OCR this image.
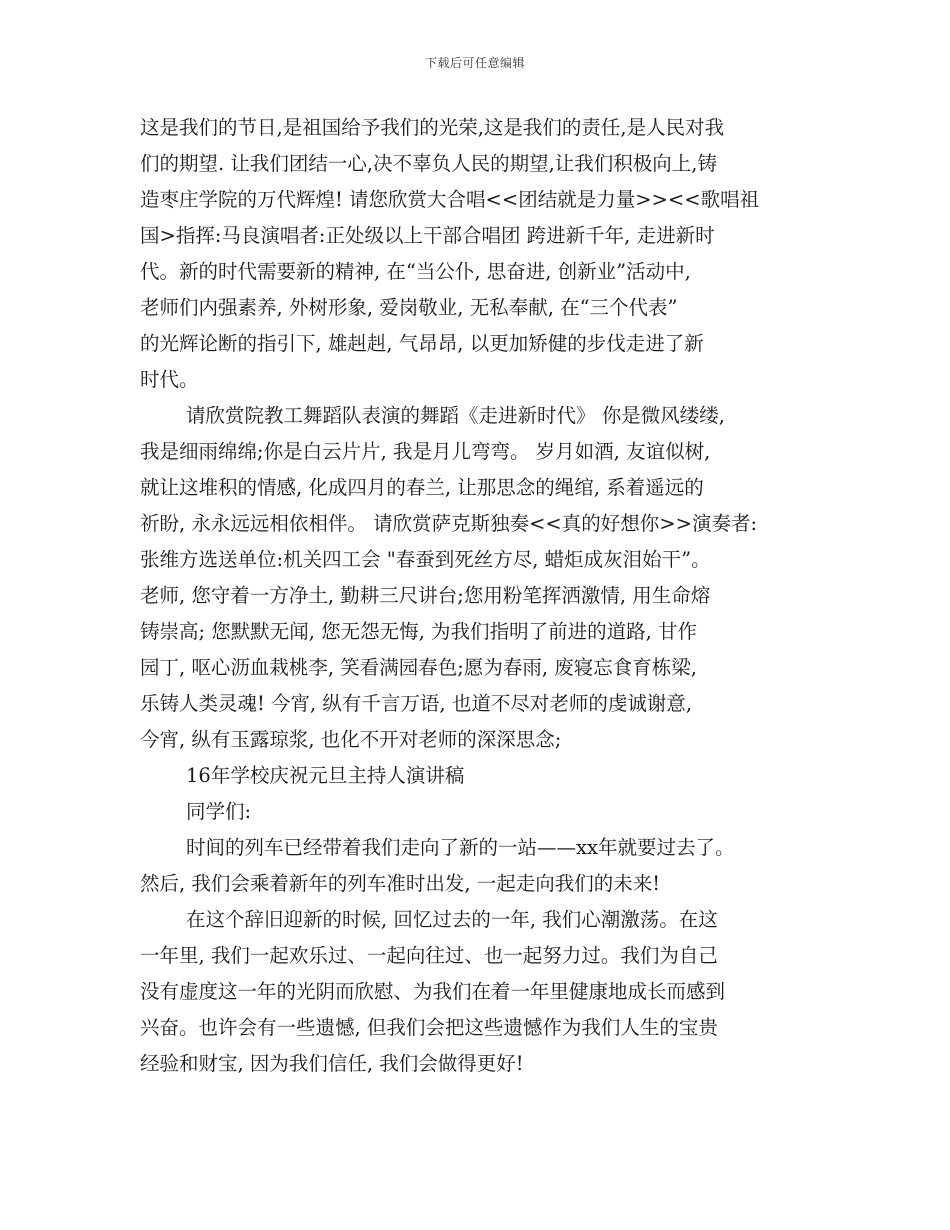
下载后可任意编辑
这是我们的节日,是祖国给予我们的光荣,这是我们的责任,是人民对我
们的期望. 让我们团结一心,决不辜负人民的期望,让我们积极向上,铸
造枣庄学院的万代辉煌! 请您欣赏大合唱<<团结就是力量>><<歌唱祖
国>指挥:马良演唱者:正处级以上干部合唱团 跨进新千年, 走进新时
代。新的时代需要新的精神, 在“当公仆, 思奋进, 创新业”活动中,
老师们内强素养, 外树形象, 爱岗敬业, 无私奉献, 在“三个代表”
的光辉论断的指引下, 雄赳赳, 气昂昂, 以更加矫健的步伐走进了新
时代。
请欣赏院教工舞蹈队表演的舞蹈《走进新时代》 你是微风缕缕,
我是细雨绵绵;你是白云片片, 我是月儿弯弯。 岁月如酒, 友谊似树,
就让这堆积的情感, 化成四月的春兰, 让那思念的绳绾, 系着遥远的
祈盼, 永永远远相依相伴。 请欣赏萨克斯独奏<<真的好想你>>演奏者:
张维方选送单位:机关四工会 "春蚕到死丝方尽, 蜡炬成灰泪始干”。
老师, 您守着一方净土, 勤耕三尺讲台;您用粉笔挥洒激情, 用生命熔
铸崇高; 您默默无闻, 您无怨无悔, 为我们指明了前进的道路, 甘作
园丁, 呕心沥血栽桃李, 笑看满园春色;愿为春雨, 废寝忘食育栋梁,
乐铸人类灵魂! 今宵, 纵有千言万语, 也道不尽对老师的虔诚谢意,
今宵, 纵有玉露琼浆, 也化不开对老师的深深思念;
16年学校庆祝元旦主持人演讲稿
同学们:
时间的列车已经带着我们走向了新的一站——xx年就要过去了。
然后, 我们会乘着新年的列车准时出发, 一起走向我们的未来!
在这个辞旧迎新的时候, 回忆过去的一年, 我们心潮激荡。在这
一年里, 我们一起欢乐过、一起向往过、也一起努力过。我们为自己
没有虚度这一年的光阴而欣慰、为我们在着一年里健康地成长而感到
兴奋。也许会有一些遗憾, 但我们会把这些遗憾作为我们人生的宝贵
经验和财宝, 因为我们信任, 我们会做得更好!
